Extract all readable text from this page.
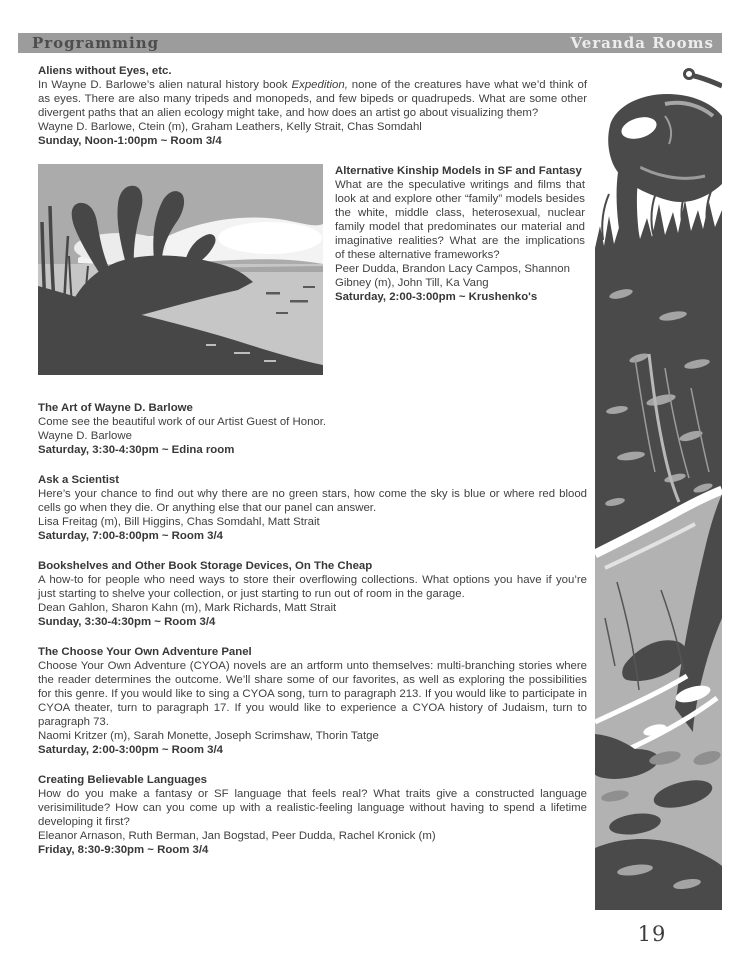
Programming	Veranda Rooms
Aliens without Eyes, etc.

In Wayne D. Barlowe’s alien natural history book Expedition, none of the creatures have what we’d think of as eyes. There are also many tripeds and monopeds, and few bipeds or quadrupeds. What are some other divergent paths that an alien ecology might take, and how does an artist go about visualizing them?

Wayne D. Barlowe, Ctein (m), Graham Leathers, Kelly Strait, Chas Somdahl

Sunday, Noon-1:00pm ~ Room 3/4

Alternative Kinship Models in SF and Fantasy

What are the speculative writings and films that look at and explore other “family” models besides the white, middle class, heterosexual, nuclear family model that predominates our material and imaginative realities? What are the implications of these alternative frameworks?

Peer Dudda, Brandon Lacy Campos, Shannon Gibney (m), John Till, Ka Vang

Saturday, 2:00-3:00pm ~ Krushenko's

The Art of Wayne D. Barlowe

Come see the beautiful work of our Artist Guest of Honor.

Wayne D. Barlowe

Saturday, 3:30-4:30pm ~ Edina room

Ask a Scientist

Here’s your chance to find out why there are no green stars, how come the sky is blue or where red blood cells go when they die. Or anything else that our panel can answer.

Lisa Freitag (m), Bill Higgins, Chas Somdahl, Matt Strait

Saturday, 7:00-8:00pm ~ Room 3/4

Bookshelves and Other Book Storage Devices, On The Cheap

A how-to for people who need ways to store their overflowing collections. What options you have if you’re just starting to shelve your collection, or just starting to run out of room in the garage.

Dean Gahlon, Sharon Kahn (m), Mark Richards, Matt Strait

Sunday, 3:30-4:30pm ~ Room 3/4

The Choose Your Own Adventure Panel

Choose Your Own Adventure (CYOA) novels are an artform unto themselves: multi-branching stories where the reader determines the outcome. We’ll share some of our favorites, as well as exploring the possibilities for this genre. If you would like to sing a CYOA song, turn to paragraph 213. If you would like to participate in CYOA theater, turn to paragraph 17. If you would like to experience a CYOA history of Judaism, turn to paragraph 73.

Naomi Kritzer (m), Sarah Monette, Joseph Scrimshaw, Thorin Tatge

Saturday, 2:00-3:00pm ~ Room 3/4

Creating Believable Languages

How do you make a fantasy or SF language that feels real? What traits give a constructed language verisimilitude? How can you come up with a realistic-feeling language without having to spend a lifetime developing it first?

Eleanor Arnason, Ruth Berman, Jan Bogstad, Peer Dudda, Rachel Kronick (m)

Friday, 8:30-9:30pm ~ Room 3/4

19
